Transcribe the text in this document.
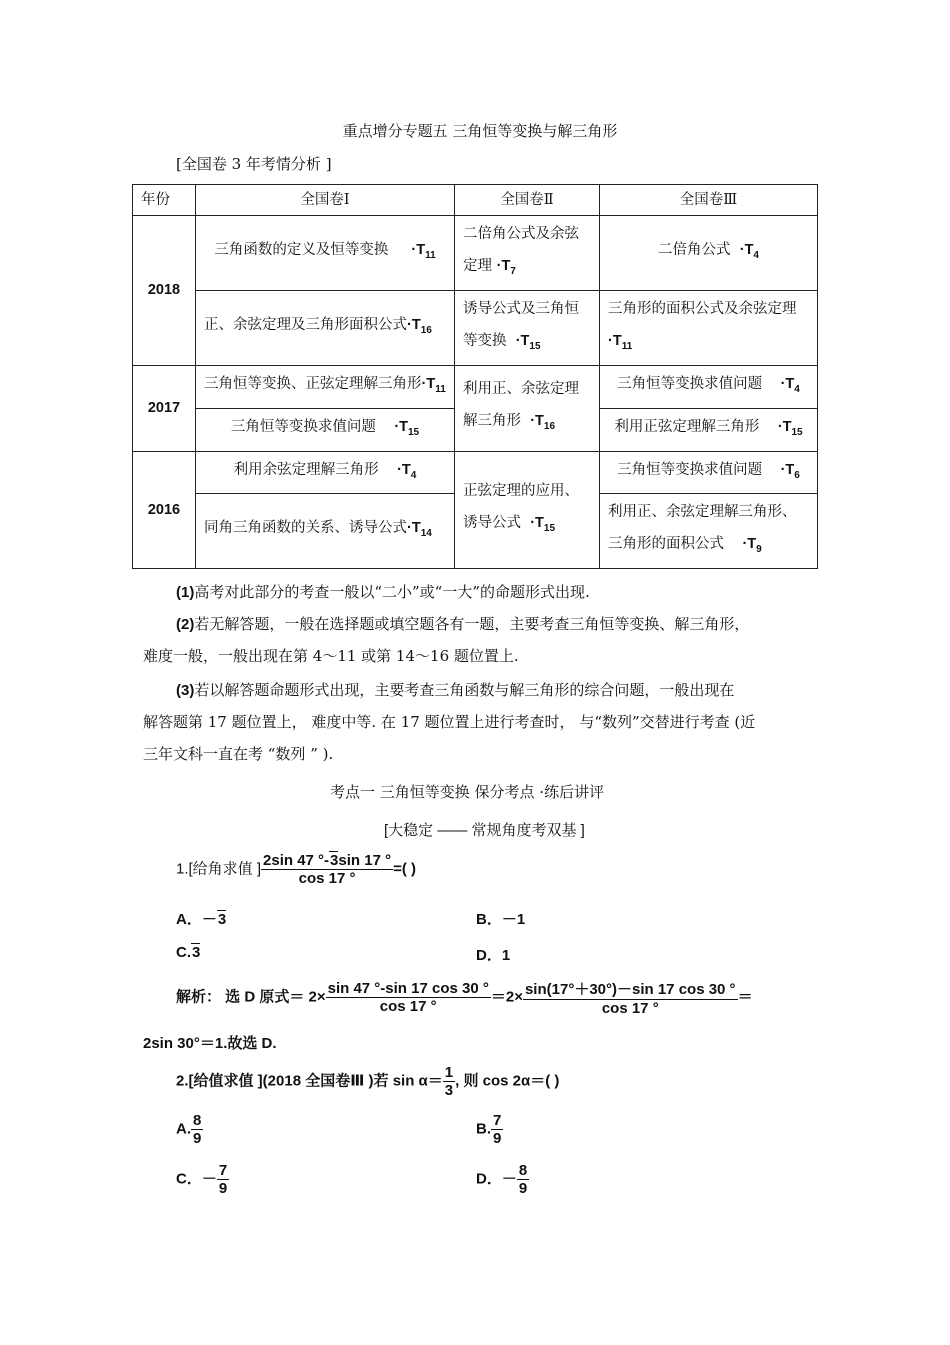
重点增分专题五 三角恒等变换与解三角形
[全国卷 3 年考情分析 ]
年份	全国卷Ⅰ	全国卷Ⅱ	全国卷Ⅲ
2018	三角函数的定义及恒等变换 $\cdot T_{11}$	二倍角公式及余弦定理 $\cdot T_7$	二倍角公式 $\cdot T_4$
	正、余弦定理及三角形面积公式$\cdot T_{16}$	诱导公式及三角恒等变换 $\cdot T_{15}$	三角形的面积公式及余弦定理$\cdot T_{11}$
2017	三角恒等变换、正弦定理解三角形$\cdot T_{11}$	利用正、余弦定理解三角形 $\cdot T_{16}$	三角恒等变换求值问题 $\cdot T_4$
	三角恒等变换求值问题 $\cdot T_{15}$		利用正弦定理解三角形 $\cdot T_{15}$
2016	利用余弦定理解三角形 $\cdot T_4$	正弦定理的应用、诱导公式 $\cdot T_{15}$	三角恒等变换求值问题 $\cdot T_6$
	同角三角函数的关系、诱导公式$\cdot T_{14}$		利用正、余弦定理解三角形、三角形的面积公式 $\cdot T_9$
(1)高考对此部分的考查一般以“二小”或“一大”的命题形式出现.
(2)若无解答题，一般在选择题或填空题各有一题，主要考查三角恒等变换、解三角形，
难度一般，一般出现在第 4～11 或第 14～16 题位置上.
(3)若以解答题命题形式出现，主要考查三角函数与解三角形的综合问题，一般出现在
解答题第 17 题位置上， 难度中等. 在 17 题位置上进行考查时， 与“数列”交替进行考查 (近
三年文科一直在考 “数列 ” ).
考点一 三角恒等变换 保分考点 ·练后讲评
[大稳定 —— 常规角度考双基 ]
1.[给角求值 ] $\frac{2\sin 47 ^\circ-3\sin 17 ^\circ}{\cos 17 ^\circ}$ =( )
A．－3	B．－1
C.3	D．1
解析： 选 D 原式＝ $2\times \frac{\sin 47 ^\circ-\sin 17 \cos 30 ^\circ}{\cos 17 ^\circ} =2\times \frac{\sin(17^\circ+30^\circ)-\sin 17 \cos 30 ^\circ}{\cos 17 ^\circ}$ ＝
2sin 30°＝1.故选 D.
2.[给值求值 ](2018 全国卷Ⅲ )若 $\sin \alpha= \frac{1}{3}$ , 则 cos 2α＝( )
A. $\frac{8}{9}$	B. $\frac{7}{9}$
C．－ $\frac{7}{9}$	D．－ $\frac{8}{9}$
